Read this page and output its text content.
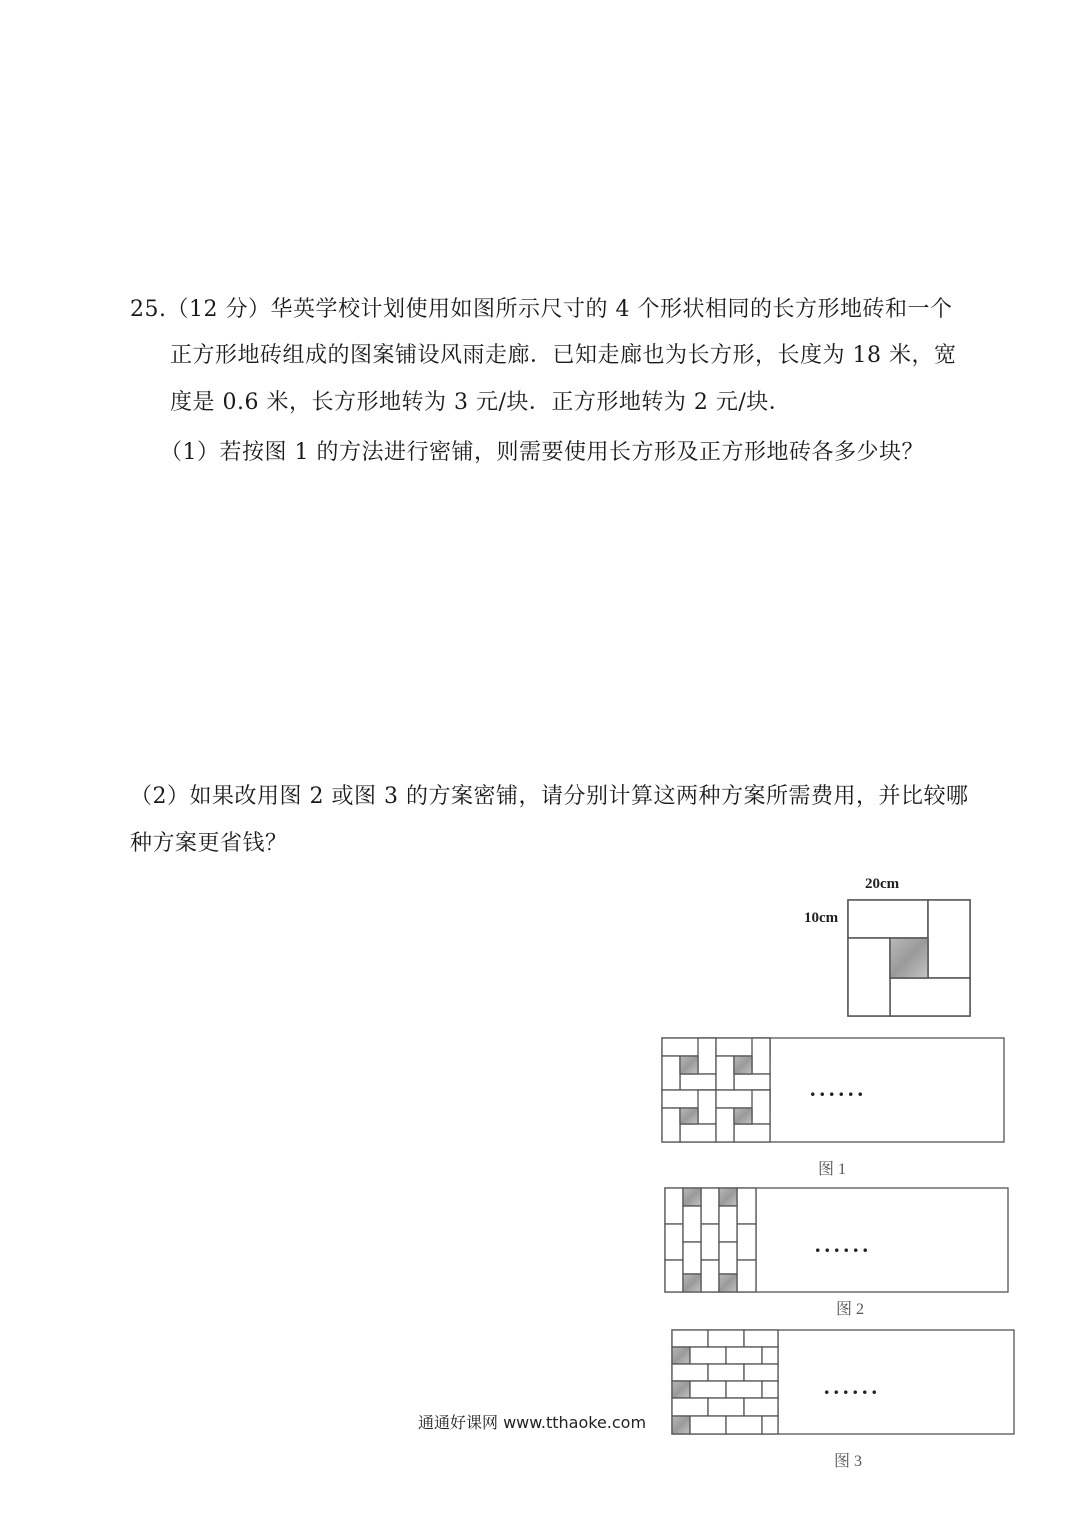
25.（12 分）华英学校计划使用如图所示尺寸的 4 个形状相同的长方形地砖和一个
正方形地砖组成的图案铺设风雨走廊．已知走廊也为长方形，长度为 18 米，宽
度是 0.6 米，长方形地转为 3 元/块．正方形地转为 2 元/块．
（1）若按图 1 的方法进行密铺，则需要使用长方形及正方形地砖各多少块？
（2）如果改用图 2 或图 3 的方案密铺，请分别计算这两种方案所需费用，并比较哪
种方案更省钱？
20cm
10cm
......
......
......
图 1
图 2
图 3
通通好课网 www.tthaoke.com
